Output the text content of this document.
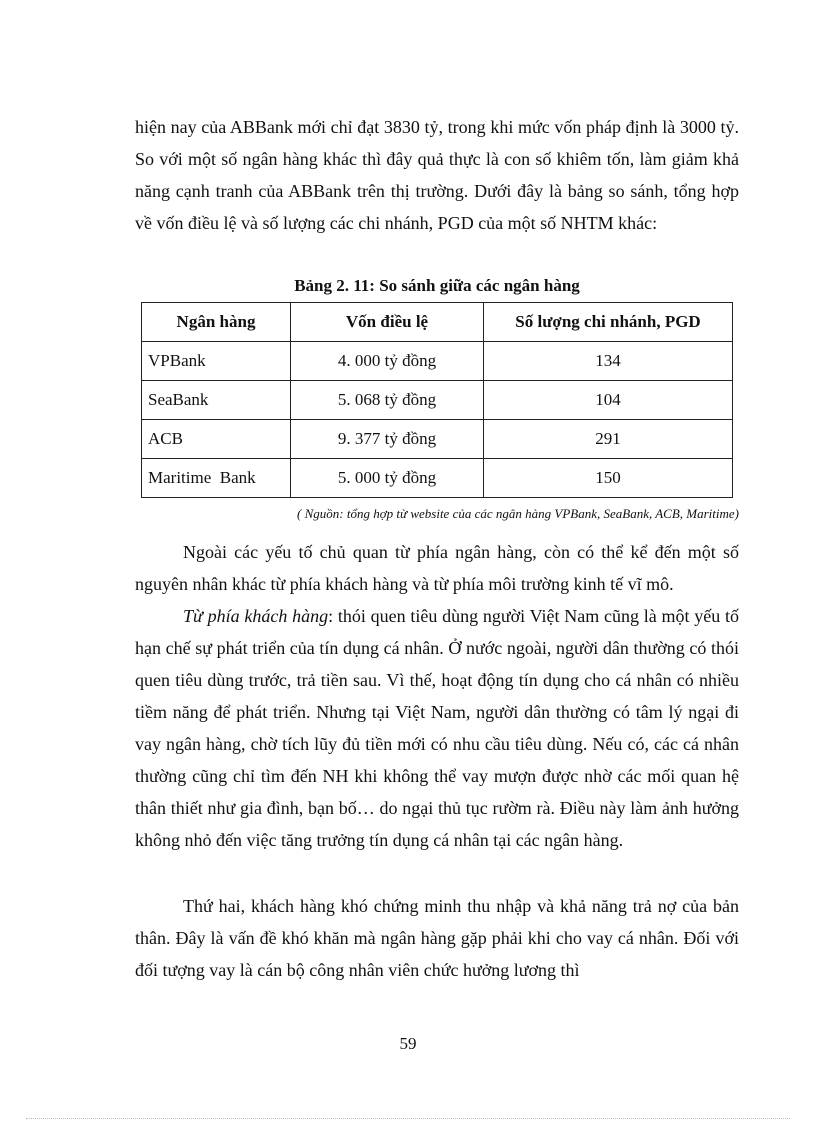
hiện nay của ABBank mới chỉ đạt 3830 tỷ, trong khi mức vốn pháp định là 3000 tỷ. So với một số ngân hàng khác thì đây quả thực là con số khiêm tốn, làm giảm khả năng cạnh tranh của ABBank trên thị trường. Dưới đây là bảng so sánh, tổng hợp về vốn điều lệ và số lượng các chi nhánh, PGD của một số NHTM khác:

Bảng 2. 11: So sánh giữa các ngân hàng

Ngân hàng	Vốn điều lệ	Số lượng chi nhánh, PGD
VPBank	4. 000 tỷ đồng	134
SeaBank	5. 068 tỷ đồng	104
ACB	9. 377 tỷ đồng	291
Maritime  Bank	5. 000 tỷ đồng	150

( Nguồn: tổng hợp từ website của các ngân hàng VPBank, SeaBank, ACB, Maritime)

Ngoài các yếu tố chủ quan từ phía ngân hàng, còn có thể kể đến một số nguyên nhân khác từ phía khách hàng và từ phía môi trường kinh tế vĩ mô.

Từ phía khách hàng: thói quen tiêu dùng người Việt Nam cũng là một yếu tố hạn chế sự phát triển của tín dụng cá nhân. Ở nước ngoài, người dân thường có thói quen tiêu dùng trước, trả tiền sau. Vì thế, hoạt động tín dụng cho cá nhân có nhiều tiềm năng để phát triển. Nhưng tại Việt Nam, người dân thường có tâm lý ngại đi vay ngân hàng, chờ tích lũy đủ tiền mới có nhu cầu tiêu dùng. Nếu có, các cá nhân thường cũng chỉ tìm đến NH khi không thể vay mượn được nhờ các mối quan hệ thân thiết như gia đình, bạn bố… do ngại thủ tục rườm rà. Điều này làm ảnh hưởng không nhỏ đến việc tăng trưởng tín dụng cá nhân tại các ngân hàng.

Thứ hai, khách hàng khó chứng minh thu nhập và khả năng trả nợ của bản thân. Đây là vấn đề khó khăn mà ngân hàng gặp phải khi cho vay cá nhân. Đối với đối tượng vay là cán bộ công nhân viên chức hưởng lương thì

59
